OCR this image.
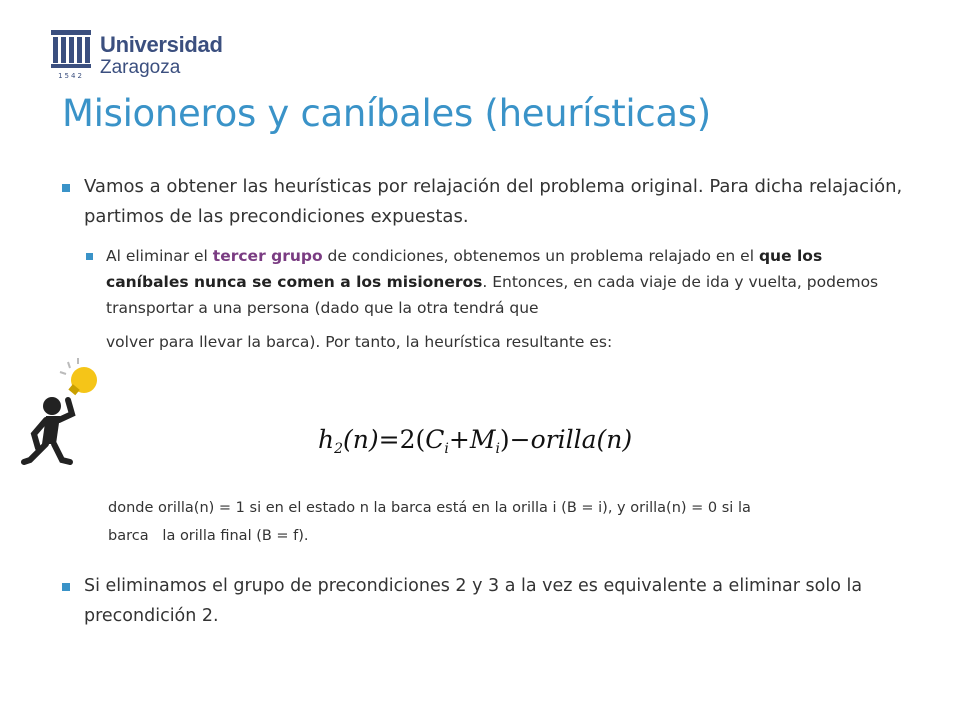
1542
Universidad
Zaragoza
Misioneros y caníbales (heurísticas)

Vamos a obtener las heurísticas por relajación del problema original. Para dicha relajación, partimos de las precondiciones expuestas.

Al eliminar el tercer grupo de condiciones, obtenemos un problema relajado en el que los caníbales nunca se comen a los misioneros. Entonces, en cada viaje de ida y vuelta, podemos transportar a una persona (dado que la otra tendrá que

volver para llevar la barca). Por tanto, la heurística resultante es:

$h_2(n)=2(C_i+M_i)-orilla(n)$
donde orilla(n) = 1 si en el estado n la barca está en la orilla i (B = i), y orilla(n) = 0 si la
barca   la orilla final (B = f).

Si eliminamos el grupo de precondiciones 2 y 3 a la vez es equivalente a eliminar solo la precondición 2.
